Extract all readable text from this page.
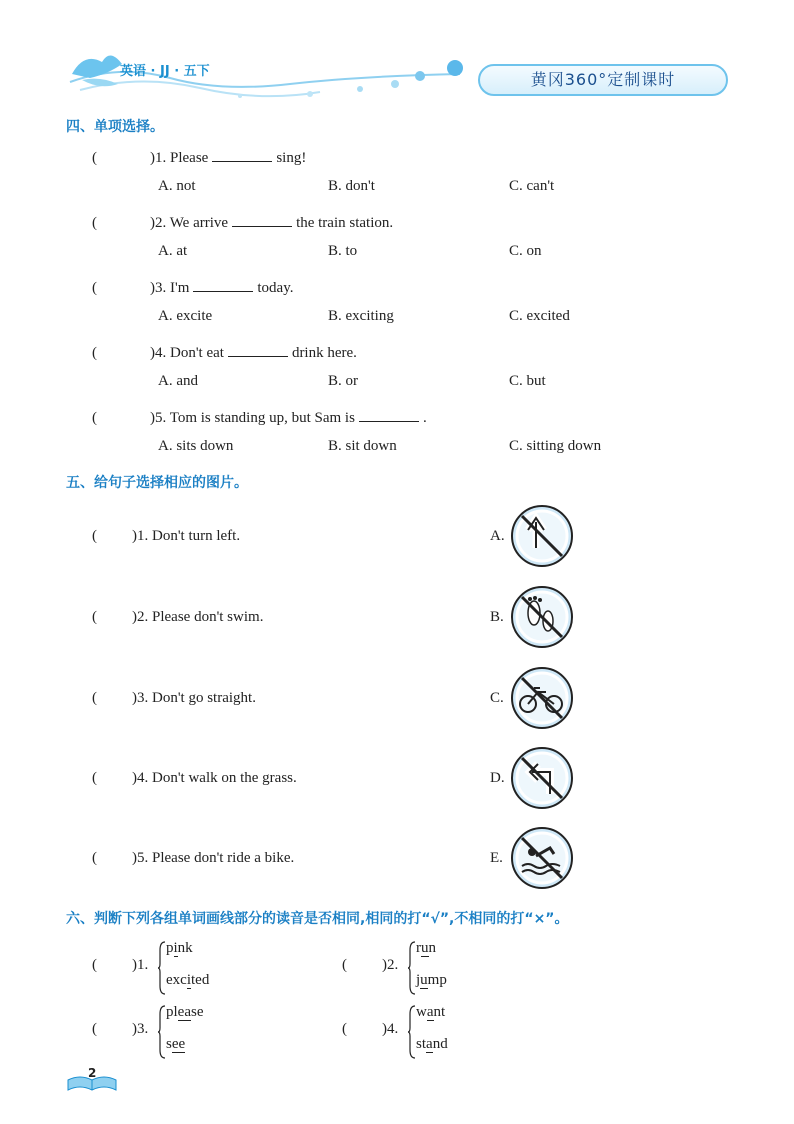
英语 · JJ · 五下	黄冈360°定制课时
四、单项选择。
(　　)1. Please	sing!
A. not	B. don't	C. can't
(　　)2. We arrive	the train station.
A. at	B. to	C. on
(　　)3. I'm	today.
A. excite	B. exciting	C. excited
(　　)4. Don't eat	drink here.
A. and	B. or	C. but
(　　)5. Tom is standing up, but Sam is	.
A. sits down	B. sit down	C. sitting down
五、给句子选择相应的图片。
( )1. Don't turn left.	A.
( )2. Please don't swim.	B.
( )3. Don't go straight.	C.
( )4. Don't walk on the grass.	D.
( )5. Please don't ride a bike.	E.
六、判断下列各组单词画线部分的读音是否相同,相同的打“√”,不相同的打“×”。
( )1.
pink
excited
( )2.
run
jump
( )3.
please
see
( )4.
want
stand
2
